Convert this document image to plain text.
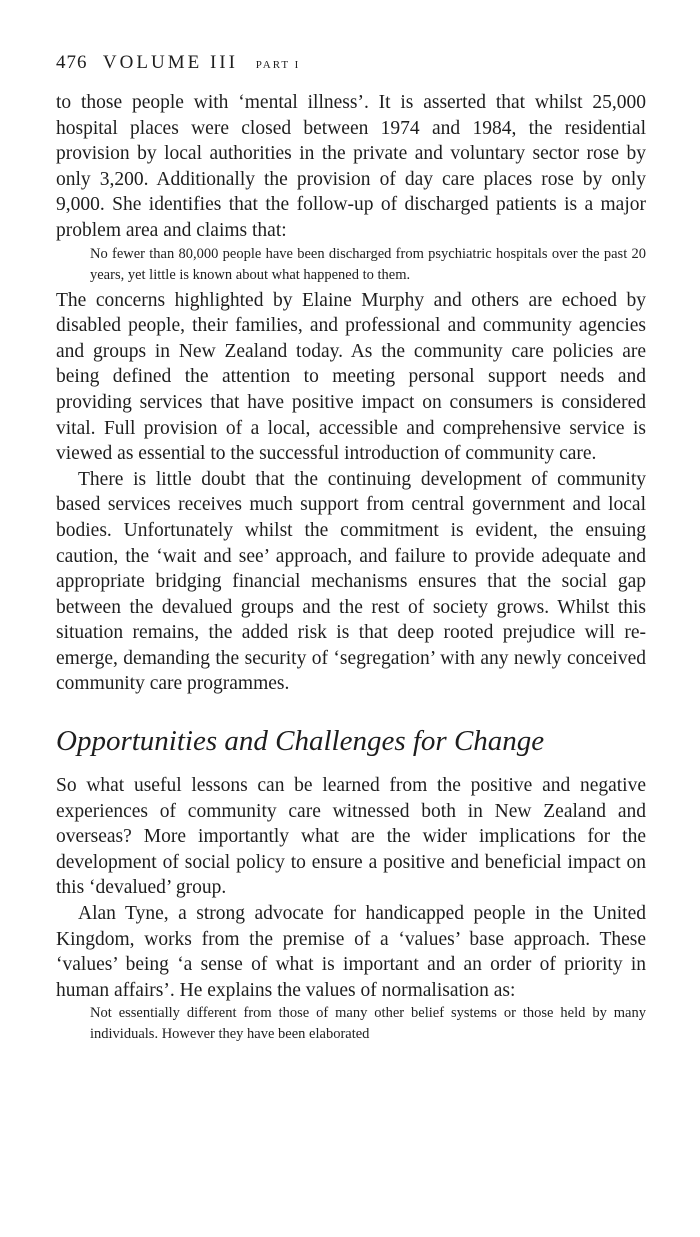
476 VOLUME III PART I

to those people with ‘mental illness’. It is asserted that whilst 25,000 hospital places were closed between 1974 and 1984, the residential provision by local authorities in the private and voluntary sector rose by only 3,200. Additionally the provision of day care places rose by only 9,000. She identifies that the follow-up of discharged patients is a major problem area and claims that:

No fewer than 80,000 people have been discharged from psychiatric hospitals over the past 20 years, yet little is known about what happened to them.

The concerns highlighted by Elaine Murphy and others are echoed by disabled people, their families, and professional and community agencies and groups in New Zealand today. As the community care policies are being defined the attention to meeting personal support needs and providing services that have positive impact on consumers is considered vital. Full provision of a local, accessible and comprehensive service is viewed as essential to the successful introduction of community care.

There is little doubt that the continuing development of community based services receives much support from central government and local bodies. Unfortunately whilst the commitment is evident, the ensuing caution, the ‘wait and see’ approach, and failure to provide adequate and appropriate bridging financial mechanisms ensures that the social gap between the devalued groups and the rest of society grows. Whilst this situation remains, the added risk is that deep rooted prejudice will re-emerge, demanding the security of ‘segregation’ with any newly conceived community care programmes.

Opportunities and Challenges for Change

So what useful lessons can be learned from the positive and negative experiences of community care witnessed both in New Zealand and overseas? More importantly what are the wider implications for the development of social policy to ensure a positive and beneficial impact on this ‘devalued’ group.

Alan Tyne, a strong advocate for handicapped people in the United Kingdom, works from the premise of a ‘values’ base approach. These ‘values’ being ‘a sense of what is important and an order of priority in human affairs’. He explains the values of normalisation as:

Not essentially different from those of many other belief systems or those held by many individuals. However they have been elaborated
